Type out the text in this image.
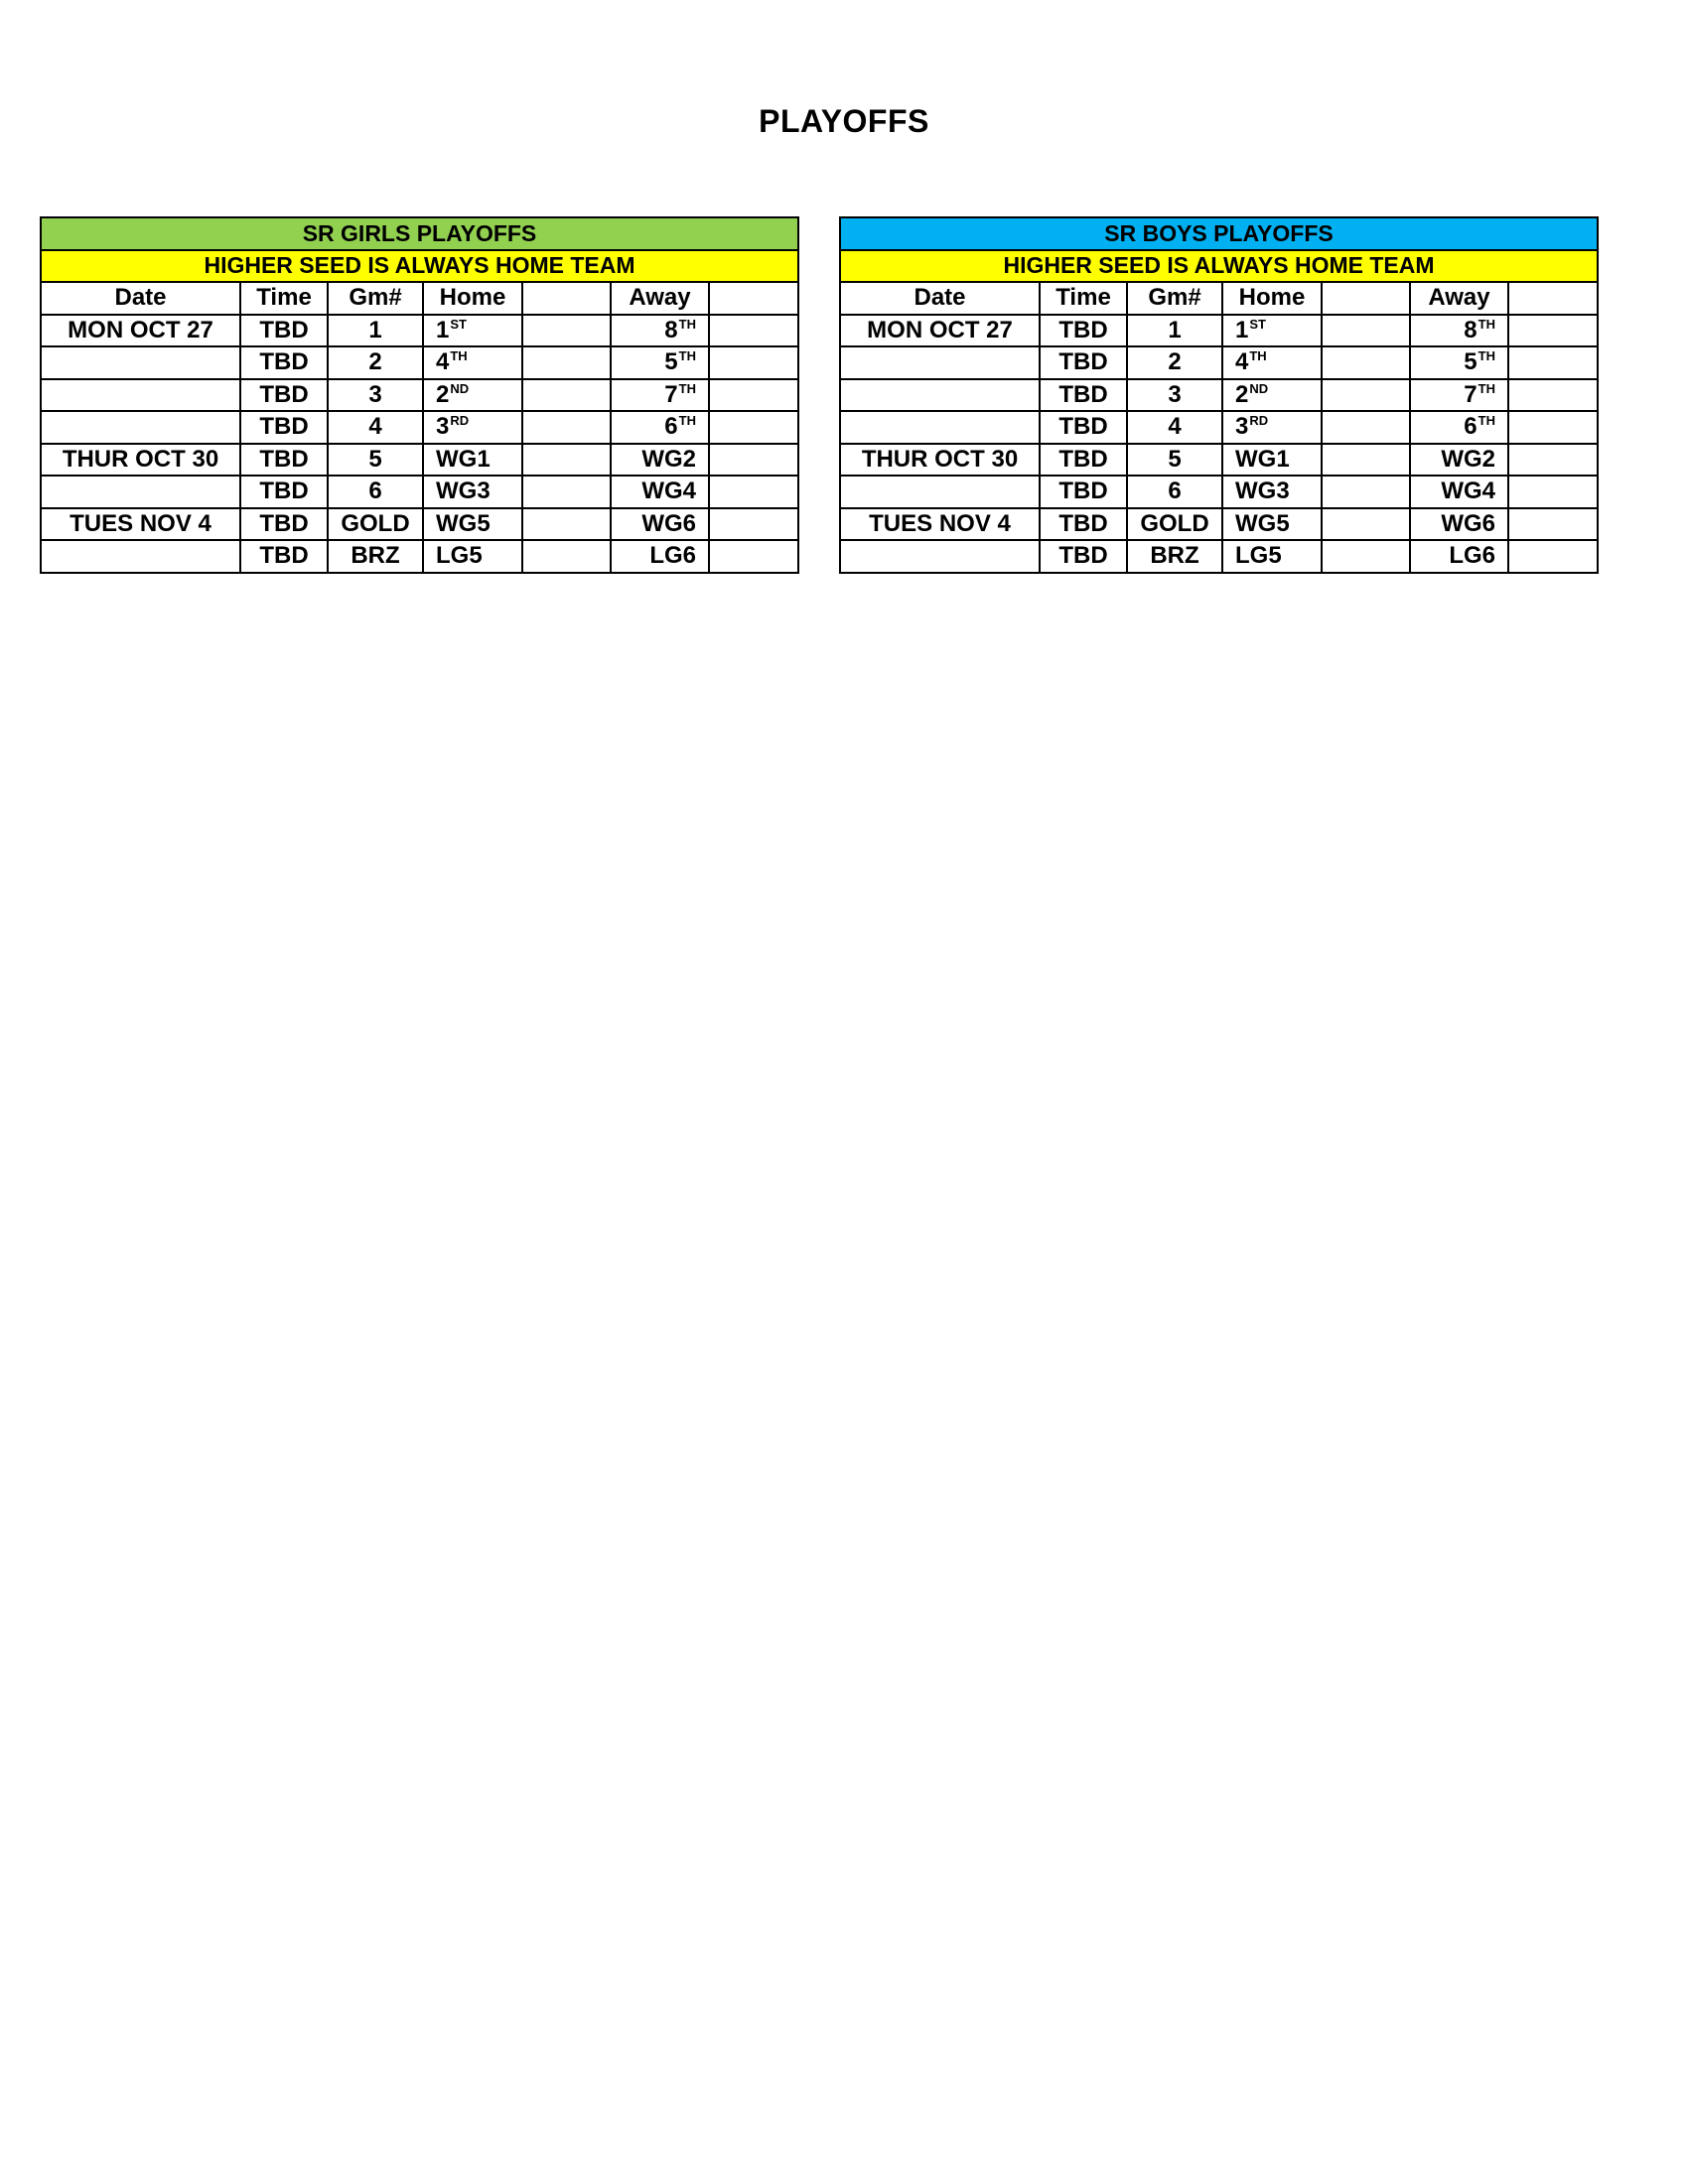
PLAYOFFS
SR GIRLS PLAYOFFS						
HIGHER SEED IS ALWAYS HOME TEAM						
Date	Time	Gm#	Home		Away	
MON OCT 27	TBD	1	1ST		8TH	
	TBD	2	4TH		5TH	
	TBD	3	2ND		7TH	
	TBD	4	3RD		6TH	
THUR OCT 30	TBD	5	WG1		WG2	
	TBD	6	WG3		WG4	
TUES NOV 4	TBD	GOLD	WG5		WG6	
	TBD	BRZ	LG5		LG6	
SR BOYS PLAYOFFS						
HIGHER SEED IS ALWAYS HOME TEAM						
Date	Time	Gm#	Home		Away	
MON OCT 27	TBD	1	1ST		8TH	
	TBD	2	4TH		5TH	
	TBD	3	2ND		7TH	
	TBD	4	3RD		6TH	
THUR OCT 30	TBD	5	WG1		WG2	
	TBD	6	WG3		WG4	
TUES NOV 4	TBD	GOLD	WG5		WG6	
	TBD	BRZ	LG5		LG6	
